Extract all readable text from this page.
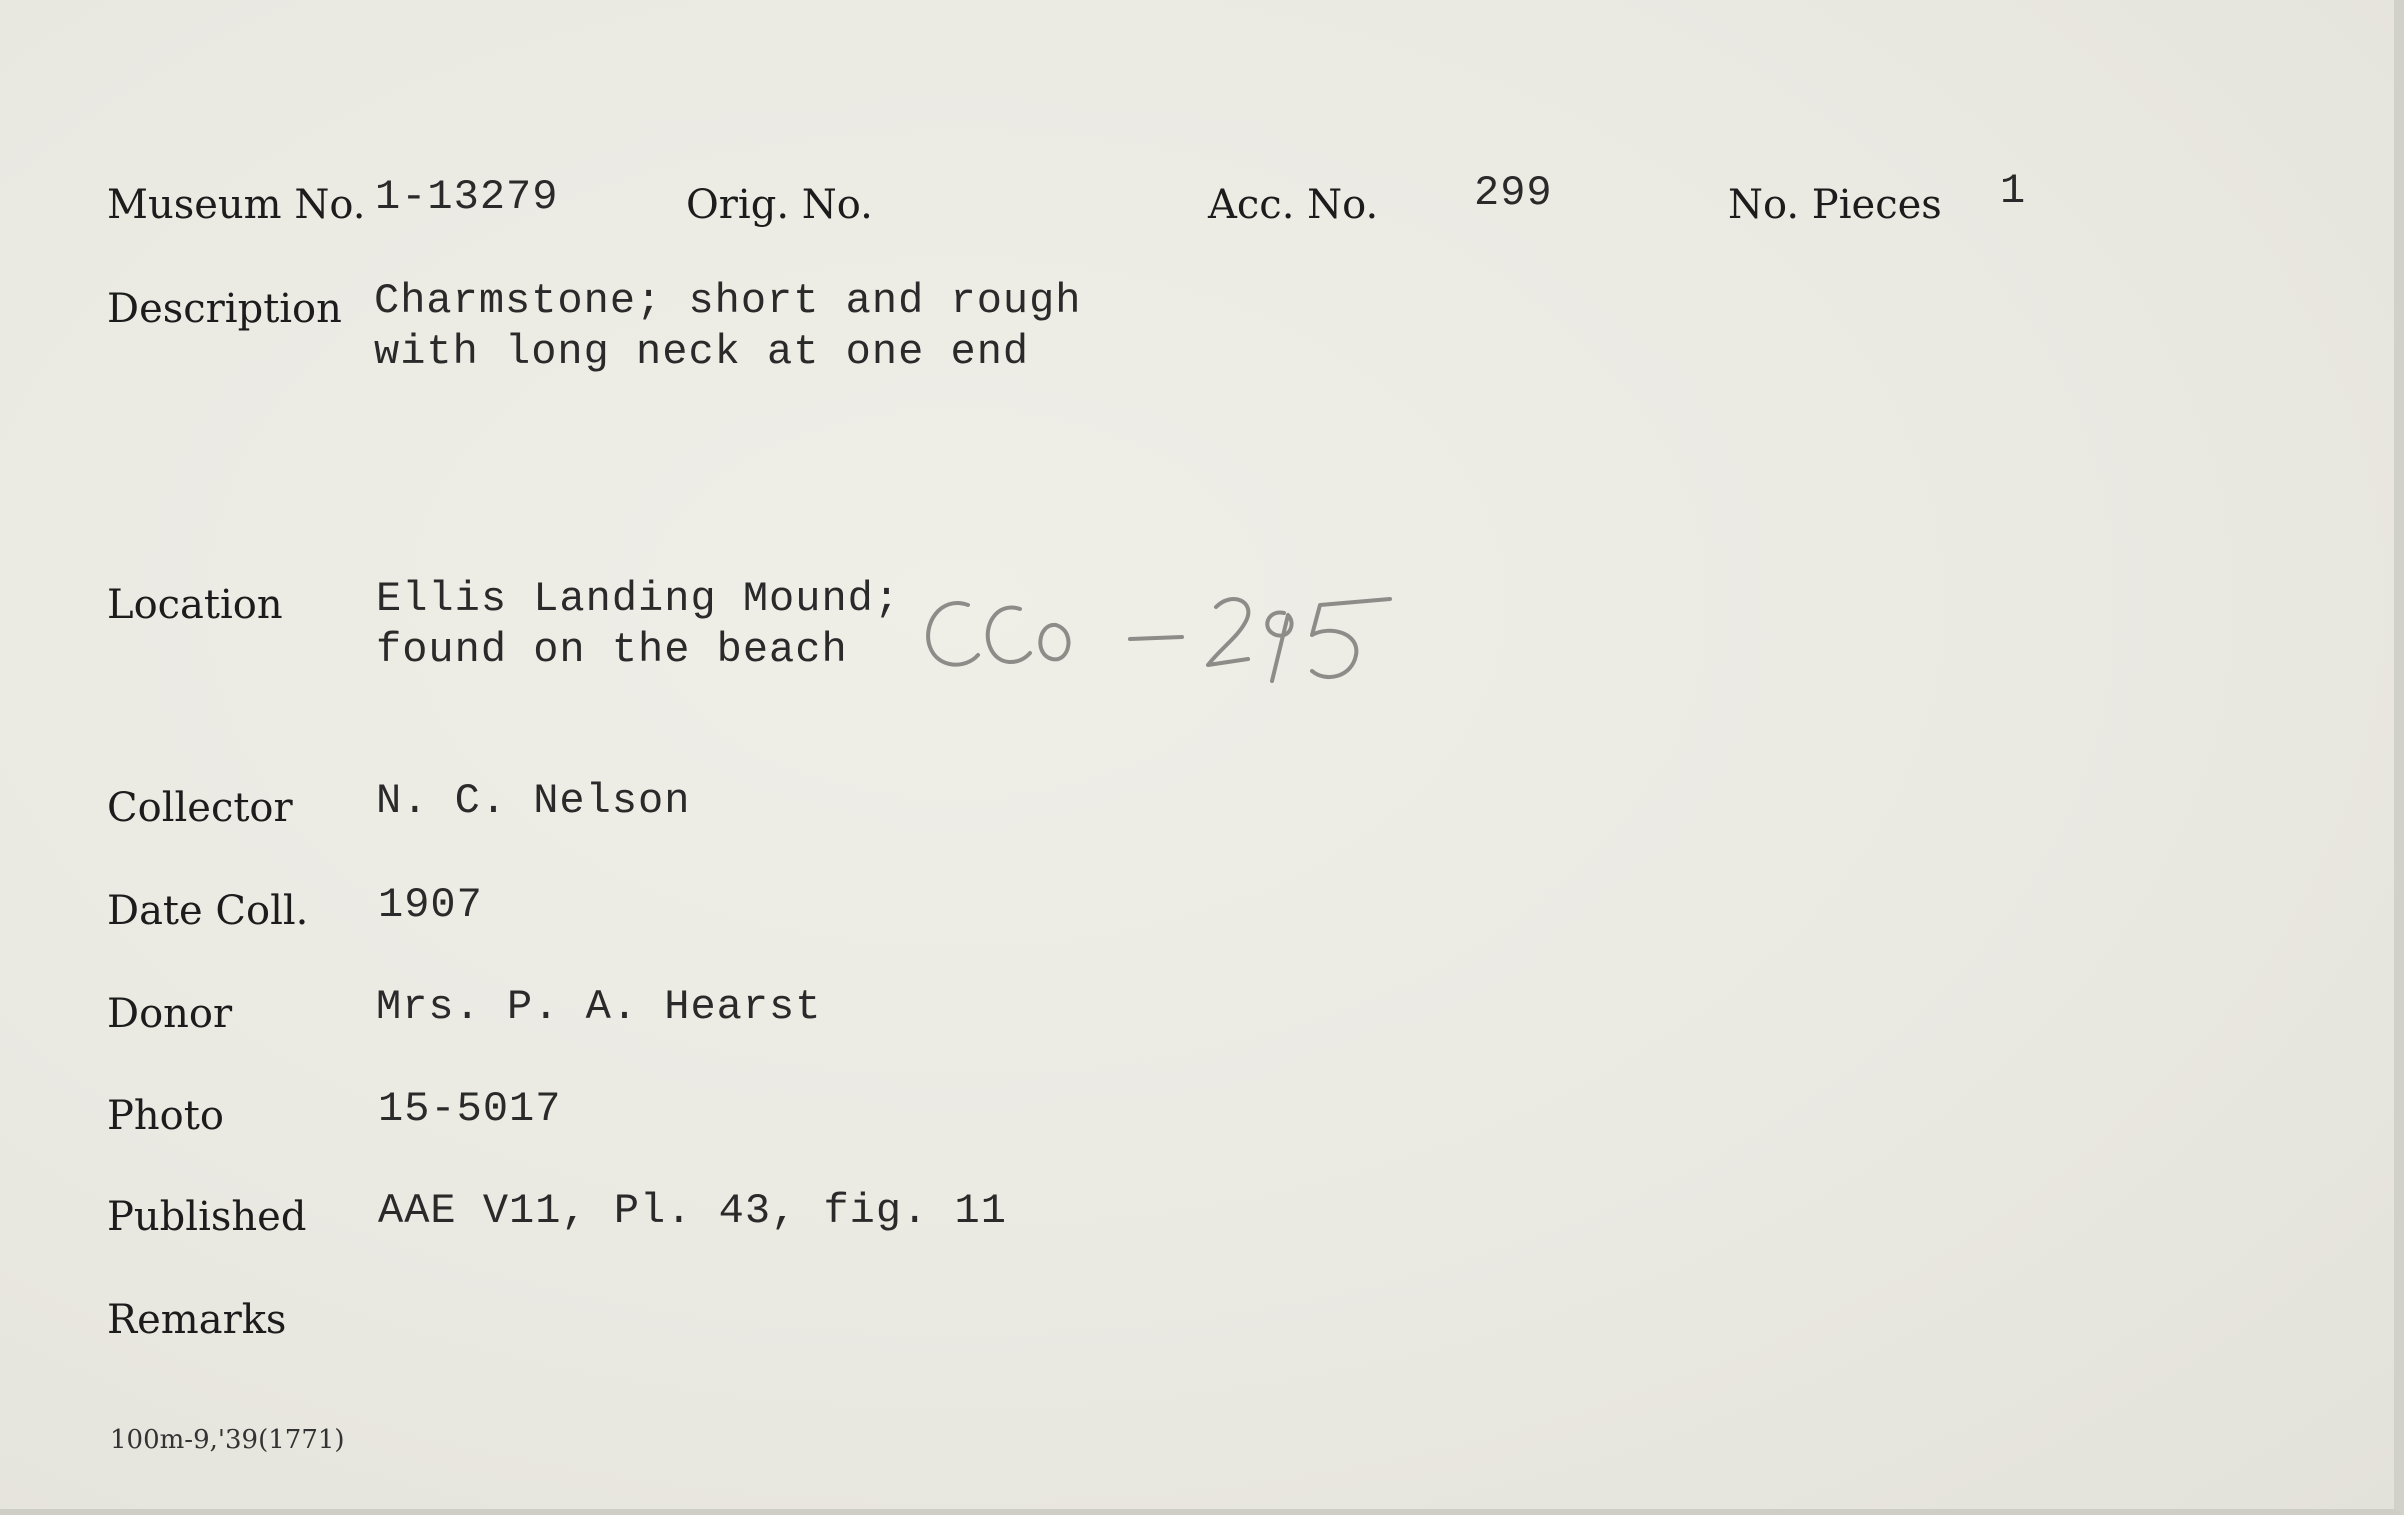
Museum No. 1-13279	Orig. No.	Acc. No. 299	No. Pieces 1
Description Charmstone; short and rough
with long neck at one end
Location Ellis Landing Mound;
found on the beach
Collector N. C. Nelson
Date Coll. 1907
Donor	Mrs. P. A. Hearst
Photo	15-5017
Published AAE V11, Pl. 43, fig. 11
Remarks
100m-9,'39(1771)
